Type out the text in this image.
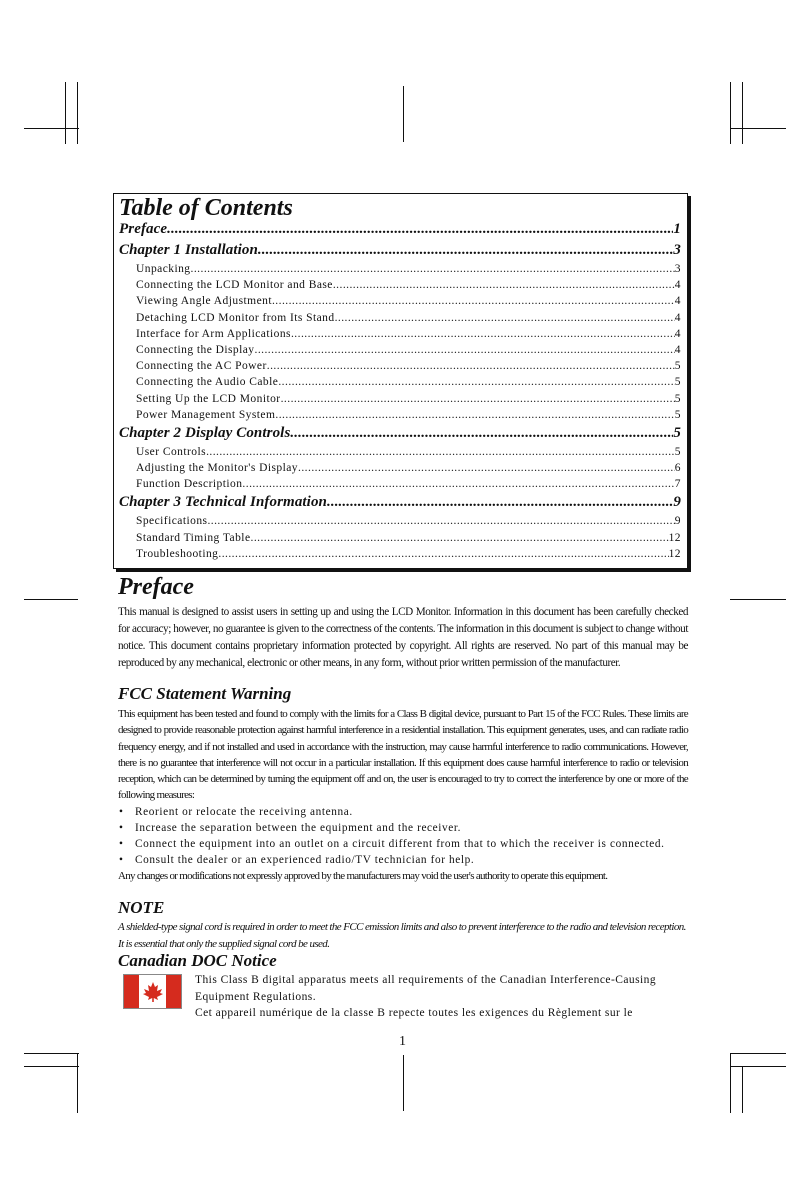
Table of Contents
Preface .....	1
Chapter 1 Installation .....	3
Unpacking .....	3
Connecting the LCD Monitor and Base .....	4
Viewing Angle Adjustment .....	4
Detaching LCD Monitor from Its Stand .....	4
Interface for Arm Applications .....	4
Connecting the Display .....	4
Connecting the AC Power .....	5
Connecting the Audio Cable .....	5
Setting Up the LCD Monitor .....	5
Power Management System .....	5
Chapter 2 Display Controls .....	5
User Controls .....	5
Adjusting the Monitor's Display .....	6
Function Description .....	7
Chapter 3 Technical Information .....	9
Specifications .....	9
Standard Timing Table .....	12
Troubleshooting .....	12
Preface

This manual is designed to assist users in setting up and using the LCD Monitor. Information in this document has been carefully checked for accuracy; however, no guarantee is given to the correctness of the contents. The information in this document is subject to change without notice. This document contains proprietary information protected by copyright. All rights are reserved. No part of this manual may be reproduced by any mechanical, electronic or other means, in any form, without prior written permission of the manufacturer.

FCC Statement Warning

This equipment has been tested and found to comply with the limits for a Class B digital device, pursuant to Part 15 of the FCC Rules. These limits are designed to provide reasonable protection against harmful interference in a residential installation. This equipment generates, uses, and can radiate radio frequency energy, and if not installed and used in accordance with the instruction, may cause harmful interference to radio communications. However, there is no guarantee that interference will not occur in a particular installation. If this equipment does cause harmful interference to radio or television reception, which can be determined by turning the equipment off and on, the user is encouraged to try to correct the interference by one or more of the following measures:

• Reorient or relocate the receiving antenna.
• Increase the separation between the equipment and the receiver.
• Connect the equipment into an outlet on a circuit different from that to which the receiver is connected.
• Consult the dealer or an experienced radio/TV technician for help.

Any changes or modifications not expressly approved by the manufacturers may void the user's authority to operate this equipment.

NOTE

A shielded-type signal cord is required in order to meet the FCC emission limits and also to prevent interference to the radio and television reception. It is essential that only the supplied signal cord be used.

Canadian DOC Notice
This Class B digital apparatus meets all requirements of the Canadian Interference-Causing Equipment Regulations.
Cet appareil numérique de la classe B repecte toutes les exigences du Règlement sur le
1
